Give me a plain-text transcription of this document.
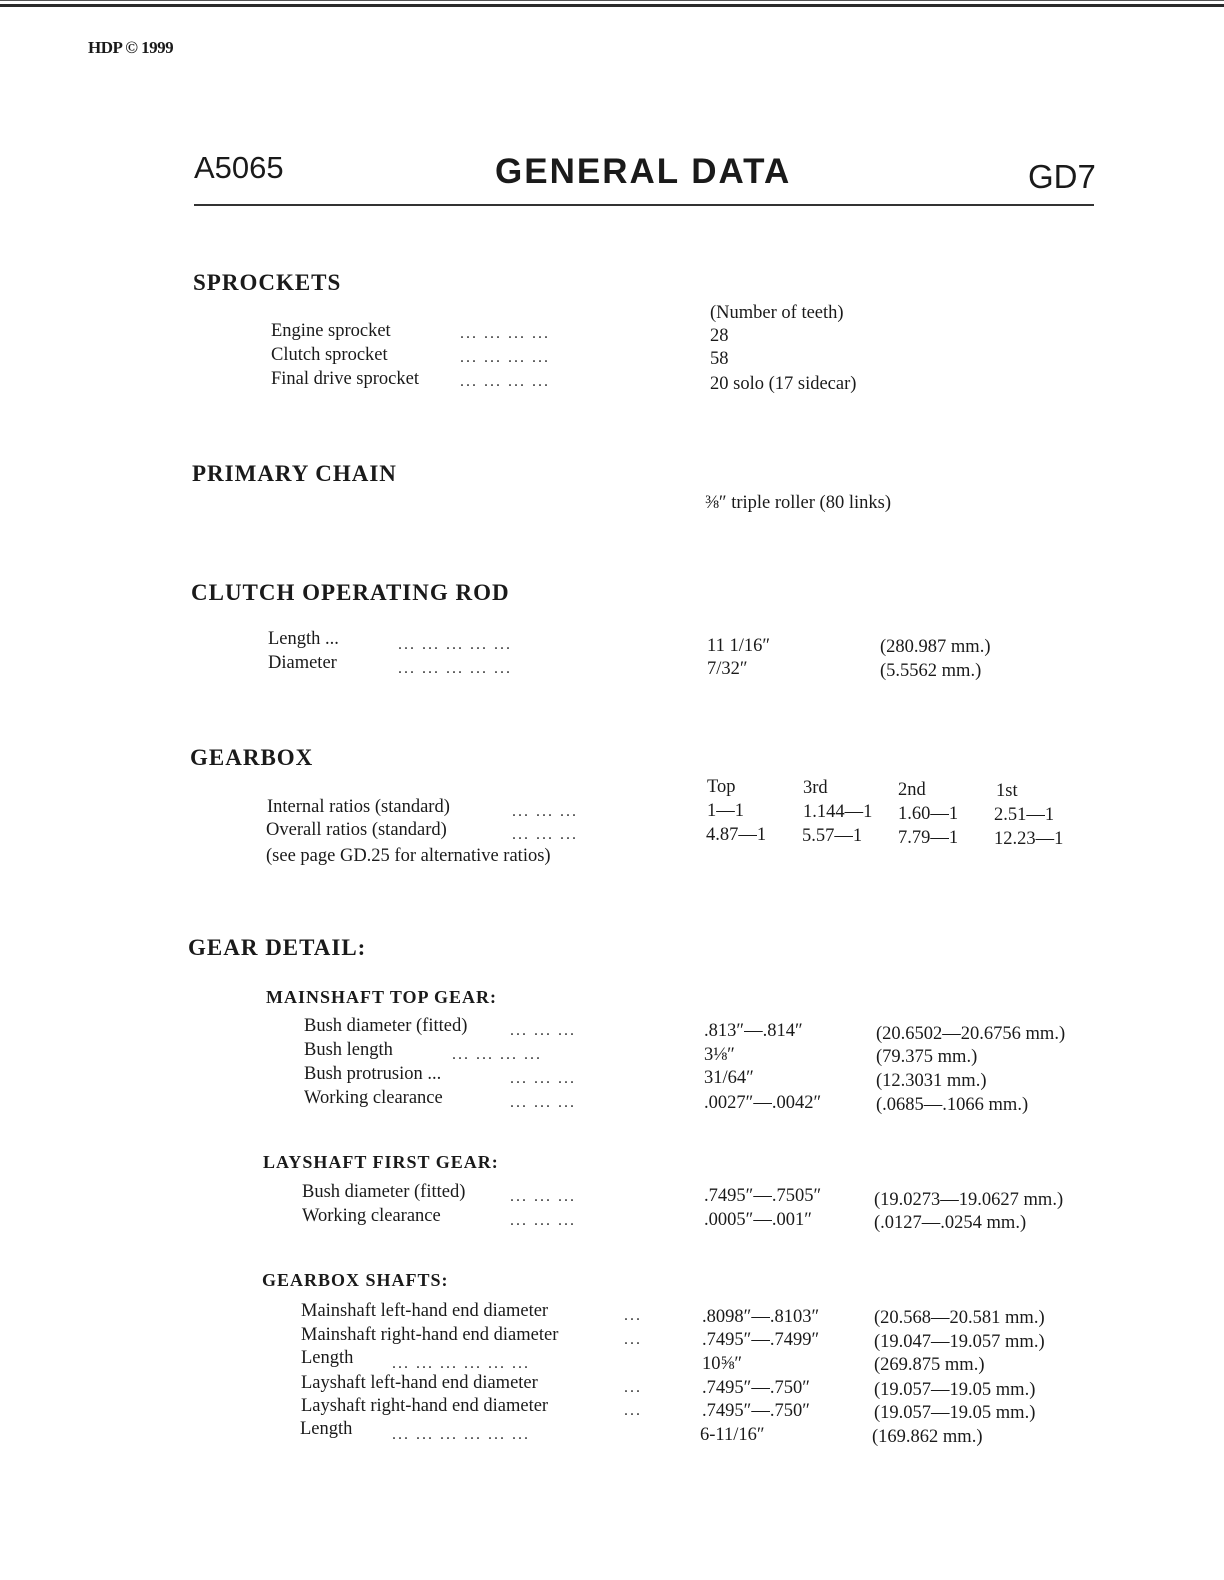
HDP © 1999
A5065	GENERAL DATA	GD7
SPROCKETS
(Number of teeth)
Engine sprocket	... ... ... ...	28
Clutch sprocket	... ... ... ...	58
Final drive sprocket	... ... ... ...	20 solo (17 sidecar)
PRIMARY CHAIN
⅜″ triple roller (80 links)
CLUTCH OPERATING ROD
Length ...	... ... ... ... ...	11 1/16″	(280.987 mm.)
Diameter	... ... ... ... ...	7/32″	(5.5562 mm.)
GEARBOX
Top	3rd	2nd	1st
Internal ratios (standard)	... ... ...	1—1	1.144—1 1.60—1 2.51—1
Overall ratios (standard)	... ... ...	4.87—1 5.57—1 7.79—1 12.23—1
(see page GD.25 for alternative ratios)
GEAR DETAIL:
MAINSHAFT TOP GEAR:
Bush diameter (fitted)	... ... ...	.813″—.814″	(20.6502—20.6756 mm.)
Bush length	... ... ... ...	3⅛″	(79.375 mm.)
Bush protrusion ...	... ... ...	31/64″	(12.3031 mm.)
Working clearance	... ... ...	.0027″—.0042″	(.0685—.1066 mm.)
LAYSHAFT FIRST GEAR:
Bush diameter (fitted)	... ... ...	.7495″—.7505″	(19.0273—19.0627 mm.)
Working clearance	... ... ...	.0005″—.001″	(.0127—.0254 mm.)
GEARBOX SHAFTS:
Mainshaft left-hand end diameter	...	.8098″—.8103″	(20.568—20.581 mm.)
Mainshaft right-hand end diameter	...	.7495″—.7499″	(19.047—19.057 mm.)
Length ... ... ... ... ... ...	10⅝″	(269.875 mm.)
Layshaft left-hand end diameter	...	.7495″—.750″	(19.057—19.05 mm.)
Layshaft right-hand end diameter	...	.7495″—.750″	(19.057—19.05 mm.)
Length ... ... ... ... ... ...	6-11/16″	(169.862 mm.)
